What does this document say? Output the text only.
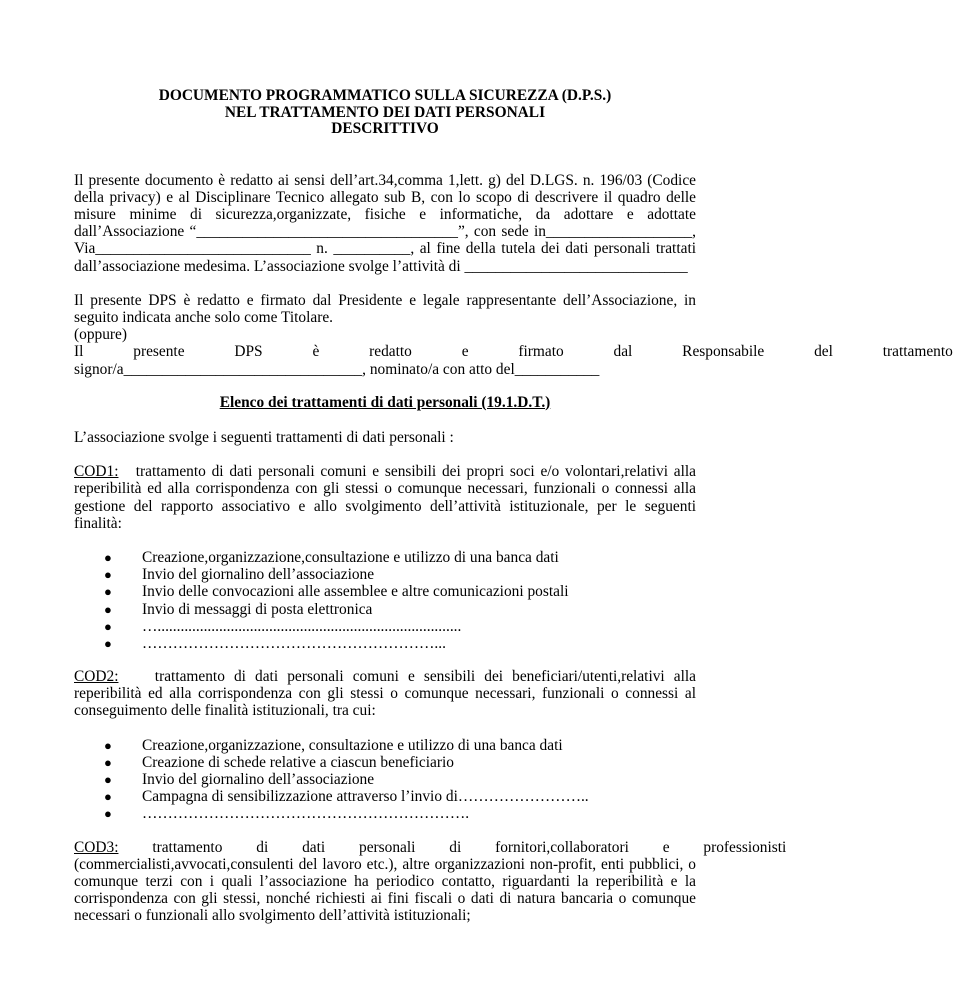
DOCUMENTO PROGRAMMATICO SULLA SICUREZZA (D.P.S.)
NEL TRATTAMENTO DEI DATI PERSONALI
DESCRITTIVO
Il presente documento è redatto ai sensi dell’art.34,comma 1,lett. g) del D.LGS. n. 196/03 (Codice
della privacy) e al Disciplinare Tecnico allegato sub B, con lo scopo di descrivere il quadro delle
misure minime di sicurezza,organizzate, fisiche e informatiche, da adottare e adottate
dall’Associazione “__________________________________”, con sede in___________________,
Via____________________________ n. __________, al fine della tutela dei dati personali trattati
dall’associazione medesima. L’associazione svolge l’attività di _____________________________
Il presente DPS è redatto e firmato dal Presidente e legale rappresentante dell’Associazione, in
seguito indicata anche solo come Titolare.
(oppure)
Il presente DPS è redatto e firmato dal Responsabile del trattamento
signor/a_______________________________, nominato/a con atto del___________
Elenco dei trattamenti di dati personali (19.1.D.T.)
L’associazione svolge i seguenti trattamenti di dati personali :
COD1:   trattamento di dati personali comuni e sensibili dei propri soci e/o volontari,relativi alla
reperibilità ed alla corrispondenza con gli stessi o comunque necessari, funzionali o connessi alla
gestione del rapporto associativo e allo svolgimento dell’attività istituzionale, per le seguenti
finalità:
● Creazione,organizzazione,consultazione e utilizzo di una banca dati
● Invio del giornalino dell’associazione
● Invio delle convocazioni alle assemblee e altre comunicazioni postali
● Invio di messaggi di posta elettronica
● …...............................................................................
● …………………………………………………...
COD2:    trattamento di dati personali comuni e sensibili dei beneficiari/utenti,relativi alla
reperibilità ed alla corrispondenza con gli stessi o comunque necessari, funzionali o connessi al
conseguimento delle finalità istituzionali, tra cui:
● Creazione,organizzazione, consultazione e utilizzo di una banca dati
● Creazione di schede relative a ciascun beneficiario
● Invio del giornalino dell’associazione
● Campagna di sensibilizzazione attraverso l’invio di……………………..
● ……………………………………………………….
COD3: trattamento di dati personali di fornitori,collaboratori e professionisti
(commercialisti,avvocati,consulenti del lavoro etc.), altre organizzazioni non-profit, enti pubblici, o
comunque terzi con i quali l’associazione ha periodico contatto, riguardanti la reperibilità e la
corrispondenza con gli stessi, nonché richiesti ai fini fiscali o dati di natura bancaria o comunque
necessari o funzionali allo svolgimento dell’attività istituzionali;
